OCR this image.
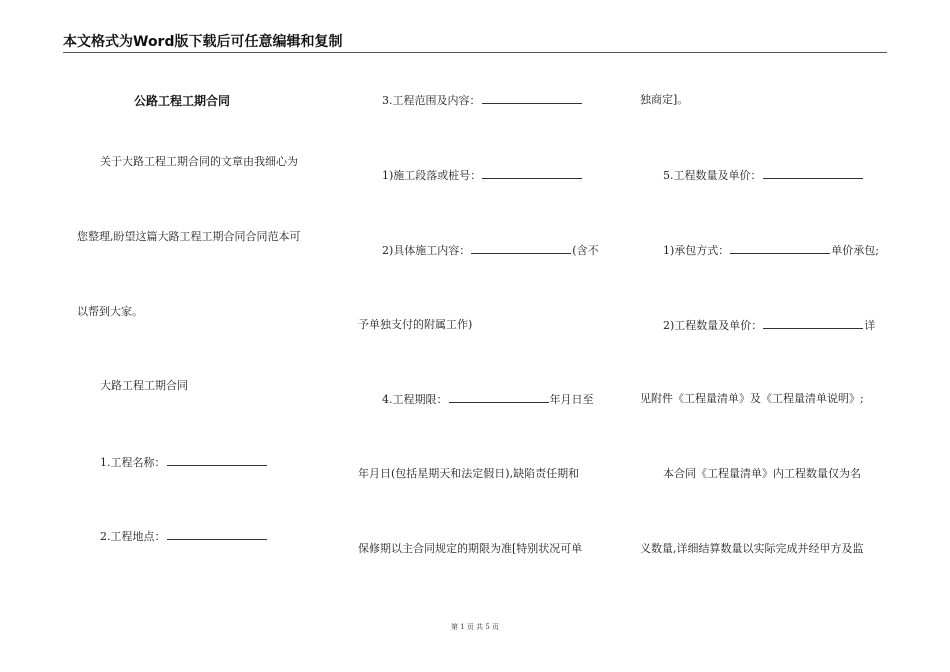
本文格式为Word版下载后可任意编辑和复制
公路工程工期合同
关于大路工程工期合同的文章由我细心为
您整理,盼望这篇大路工程工期合同合同范本可
以帮到大家。
大路工程工期合同
1.工程名称：
2.工程地点：
3.工程范围及内容：
1)施工段落或桩号：
2)具体施工内容：	(含不
予单独支付的附属工作)
4.工程期限：	年月日至
年月日(包括星期天和法定假日),缺陷责任期和
保修期以主合同规定的期限为准[特别状况可单
独商定]。
5.工程数量及单价：
1)承包方式：	单价承包;
2)工程数量及单价：	详
见附件《工程量清单》及《工程量清单说明》;
本合同《工程量清单》内工程数量仅为名
义数量,详细结算数量以实际完成并经甲方及监
第 1 页 共 5 页
